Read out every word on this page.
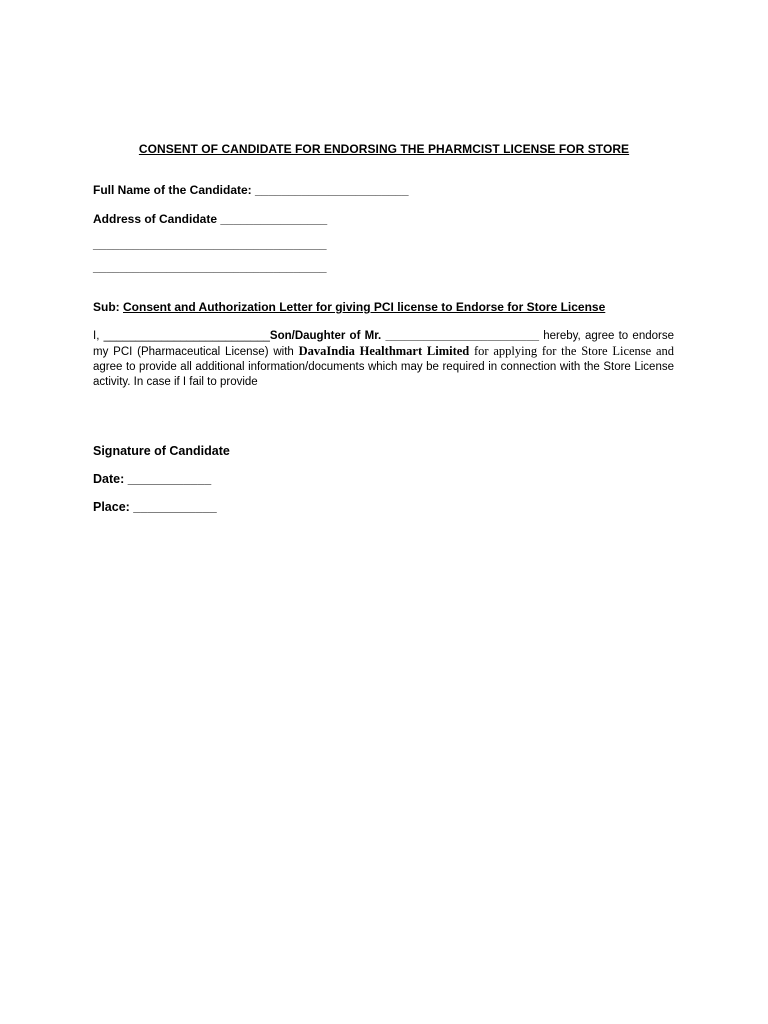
CONSENT OF CANDIDATE FOR ENDORSING THE PHARMCIST LICENSE FOR STORE
Full Name of the Candidate: _______________________
Address of Candidate ________________
___________________________________
___________________________________
Sub: Consent and Authorization Letter for giving PCI license to Endorse for Store License
I, __________________________Son/Daughter of Mr. ________________________ hereby, agree to endorse my PCI (Pharmaceutical License) with DavaIndia Healthmart Limited for applying for the Store License and agree to provide all additional information/documents which may be required in connection with the Store License activity. In case if I fail to provide
Signature of Candidate
Date: ____________
Place: ____________
